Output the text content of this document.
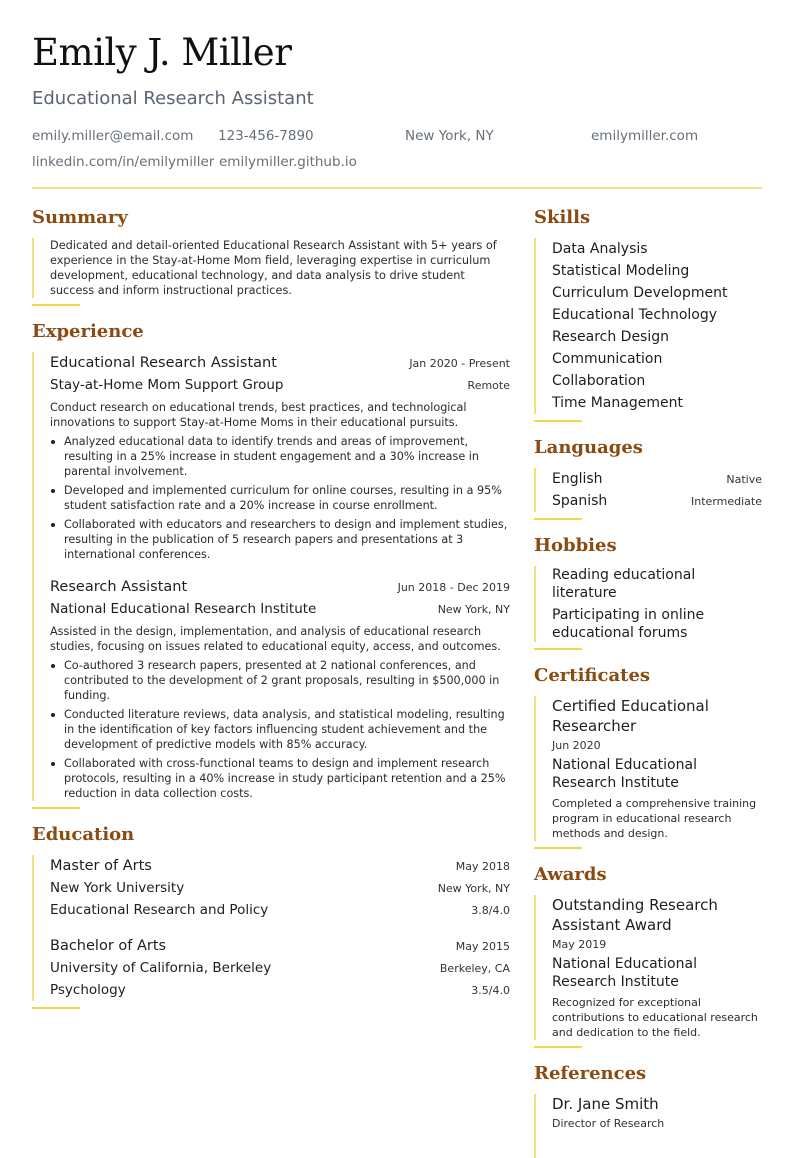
Emily J. Miller
Educational Research Assistant
emily.miller@email.com 123-456-7890	New York, NY	emilymiller.com
linkedin.com/in/emilymiller emilymiller.github.io
Summary
Dedicated and detail-oriented Educational Research Assistant with 5+ years of experience in the Stay-at-Home Mom field, leveraging expertise in curriculum development, educational technology, and data analysis to drive student success and inform instructional practices.
Experience
Educational Research Assistant	Jan 2020 - Present
Stay-at-Home Mom Support Group	Remote
Conduct research on educational trends, best practices, and technological innovations to support Stay-at-Home Moms in their educational pursuits.
Analyzed educational data to identify trends and areas of improvement, resulting in a 25% increase in student engagement and a 30% increase in parental involvement.
Developed and implemented curriculum for online courses, resulting in a 95% student satisfaction rate and a 20% increase in course enrollment.
Collaborated with educators and researchers to design and implement studies, resulting in the publication of 5 research papers and presentations at 3 international conferences.
Research Assistant	Jun 2018 - Dec 2019
National Educational Research Institute	New York, NY
Assisted in the design, implementation, and analysis of educational research studies, focusing on issues related to educational equity, access, and outcomes.
Co-authored 3 research papers, presented at 2 national conferences, and contributed to the development of 2 grant proposals, resulting in $500,000 in funding.
Conducted literature reviews, data analysis, and statistical modeling, resulting in the identification of key factors influencing student achievement and the development of predictive models with 85% accuracy.
Collaborated with cross-functional teams to design and implement research protocols, resulting in a 40% increase in study participant retention and a 25% reduction in data collection costs.
Education
Master of Arts	May 2018
New York University	New York, NY
Educational Research and Policy	3.8/4.0
Bachelor of Arts	May 2015
University of California, Berkeley	Berkeley, CA
Psychology	3.5/4.0
Skills
Data Analysis
Statistical Modeling
Curriculum Development
Educational Technology
Research Design
Communication
Collaboration
Time Management
Languages
English	Native
Spanish	Intermediate
Hobbies
Reading educational literature
Participating in online educational forums
Certificates
Certified Educational Researcher
Jun 2020
National Educational Research Institute
Completed a comprehensive training program in educational research methods and design.
Awards
Outstanding Research Assistant Award
May 2019
National Educational Research Institute
Recognized for exceptional contributions to educational research and dedication to the field.
References
Dr. Jane Smith
Director of Research
